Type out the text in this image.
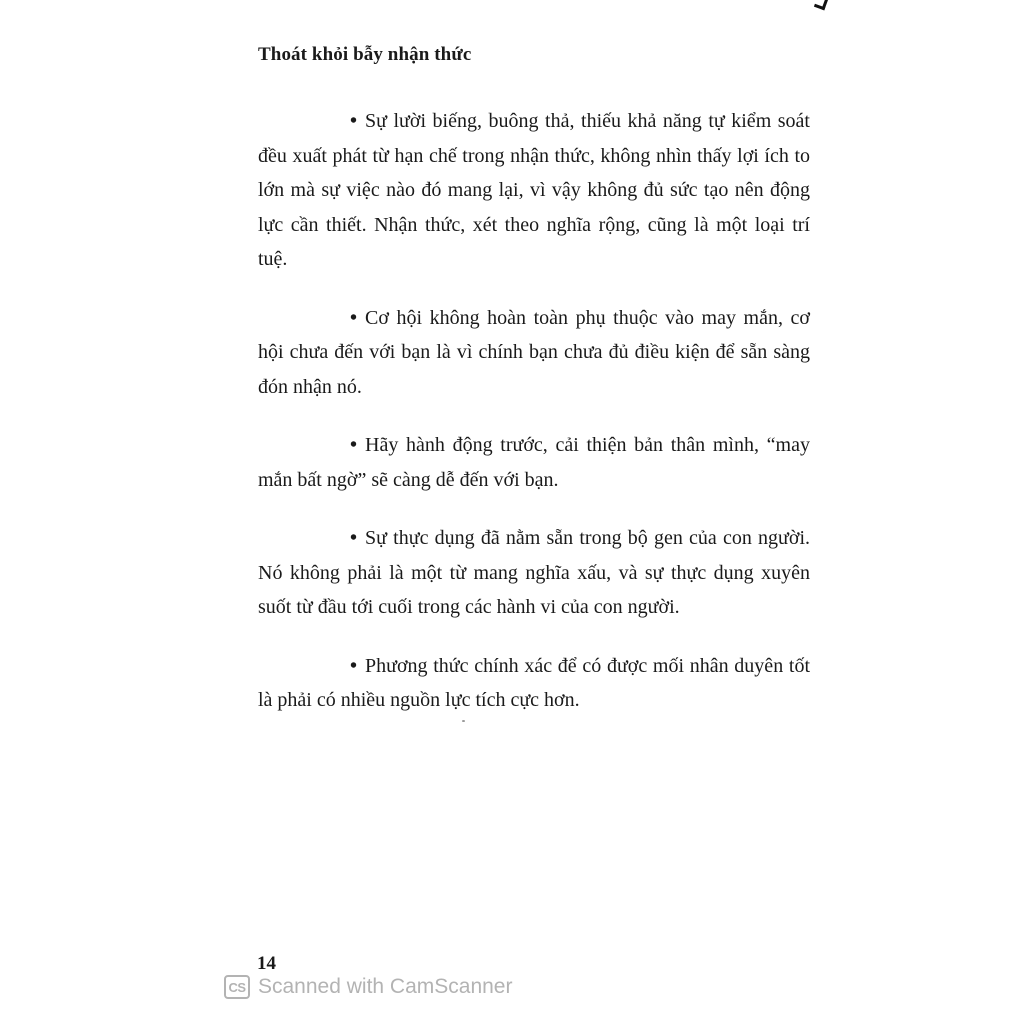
Thoát khỏi bẫy nhận thức

• Sự lười biếng, buông thả, thiếu khả năng tự kiểm soát đều xuất phát từ hạn chế trong nhận thức, không nhìn thấy lợi ích to lớn mà sự việc nào đó mang lại, vì vậy không đủ sức tạo nên động lực cần thiết. Nhận thức, xét theo nghĩa rộng, cũng là một loại trí tuệ.

• Cơ hội không hoàn toàn phụ thuộc vào may mắn, cơ hội chưa đến với bạn là vì chính bạn chưa đủ điều kiện để sẵn sàng đón nhận nó.

• Hãy hành động trước, cải thiện bản thân mình, “may mắn bất ngờ” sẽ càng dễ đến với bạn.

• Sự thực dụng đã nằm sẵn trong bộ gen của con người. Nó không phải là một từ mang nghĩa xấu, và sự thực dụng xuyên suốt từ đầu tới cuối trong các hành vi của con người.

• Phương thức chính xác để có được mối nhân duyên tốt là phải có nhiều nguồn lực tích cực hơn.

14
CS Scanned with CamScanner
